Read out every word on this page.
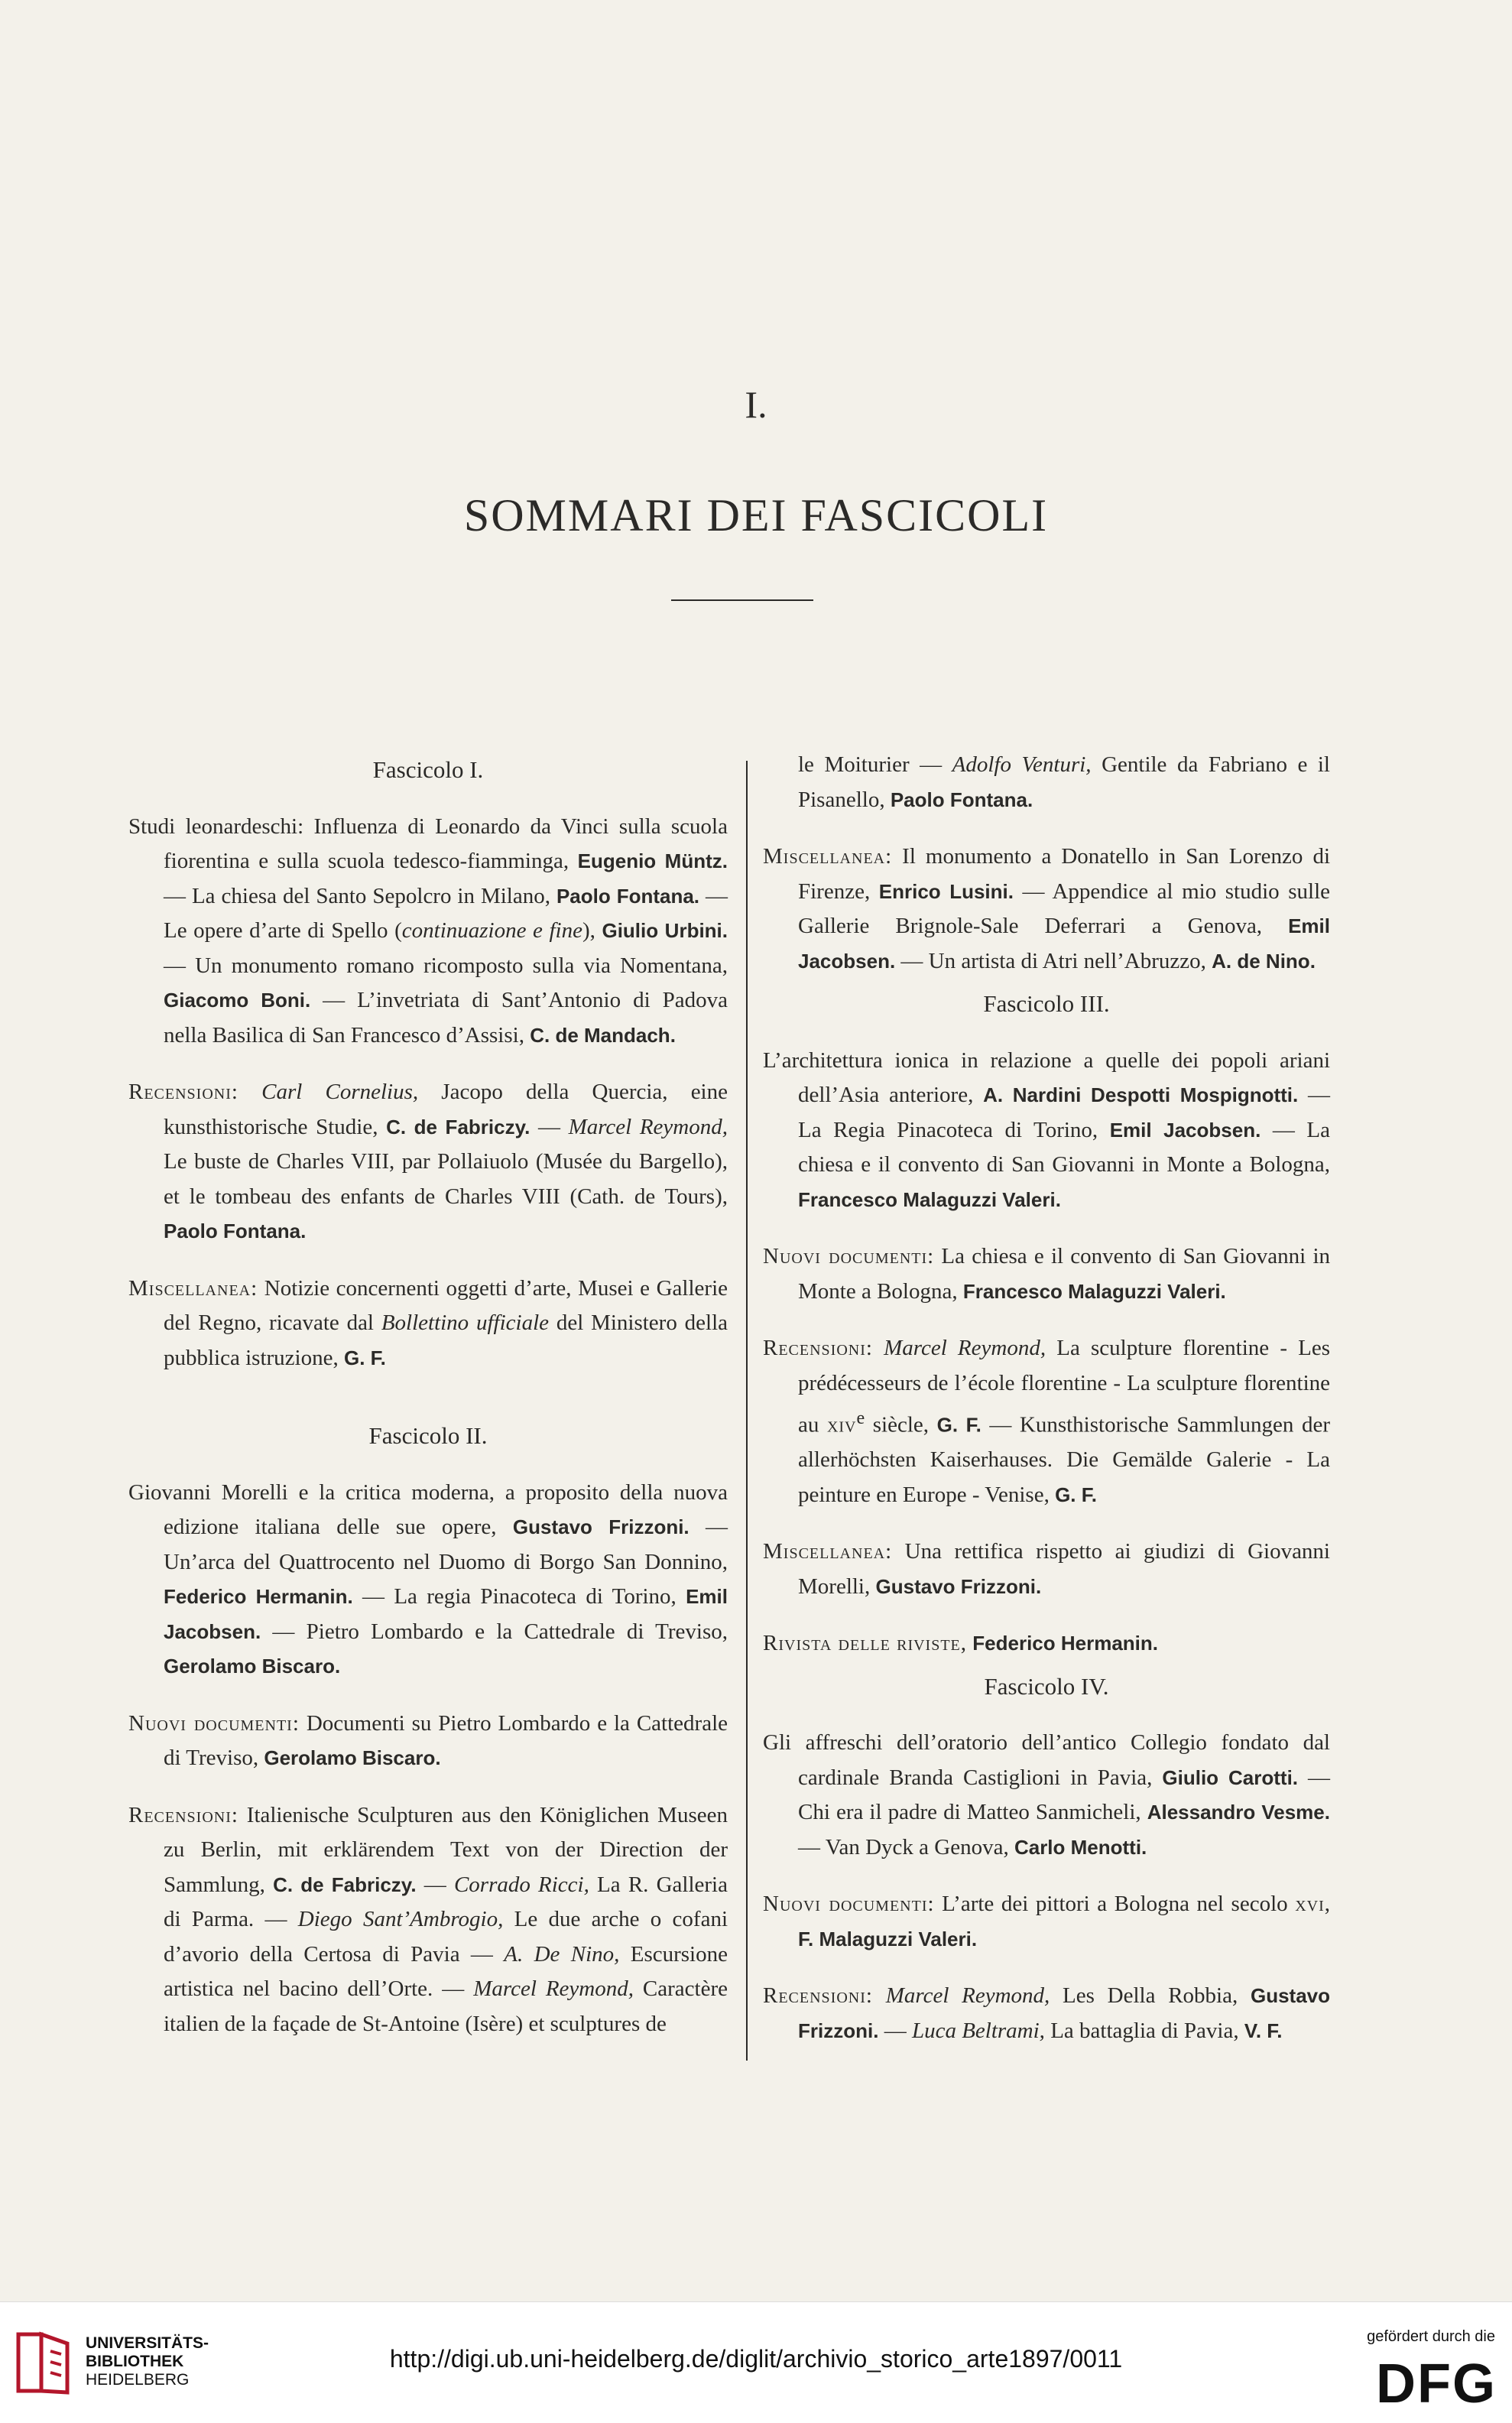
I.
SOMMARI DEI FASCICOLI
Fascicolo I.

Studi leonardeschi: Influenza di Leonardo da Vinci sulla scuola fiorentina e sulla scuola tedesco-fiamminga, Eugenio Müntz. — La chiesa del Santo Sepolcro in Milano, Paolo Fontana. — Le opere d’arte di Spello (continuazione e fine), Giulio Urbini. — Un monumento romano ricomposto sulla via Nomentana, Giacomo Boni. — L’invetriata di Sant’Antonio di Padova nella Basilica di San Francesco d’Assisi, C. de Mandach.

Recensioni: Carl Cornelius, Jacopo della Quercia, eine kunsthistorische Studie, C. de Fabriczy. — Marcel Reymond, Le buste de Charles VIII, par Pollaiuolo (Musée du Bargello), et le tombeau des enfants de Charles VIII (Cath. de Tours), Paolo Fontana.

Miscellanea: Notizie concernenti oggetti d’arte, Musei e Gallerie del Regno, ricavate dal Bollettino ufficiale del Ministero della pubblica istruzione, G. F.

Fascicolo II.

Giovanni Morelli e la critica moderna, a proposito della nuova edizione italiana delle sue opere, Gustavo Frizzoni. — Un’arca del Quattrocento nel Duomo di Borgo San Donnino, Federico Hermanin. — La regia Pinacoteca di Torino, Emil Jacobsen. — Pietro Lombardo e la Cattedrale di Treviso, Gerolamo Biscaro.

Nuovi documenti: Documenti su Pietro Lombardo e la Cattedrale di Treviso, Gerolamo Biscaro.

Recensioni: Italienische Sculpturen aus den Königlichen Museen zu Berlin, mit erklärendem Text von der Direction der Sammlung, C. de Fabriczy. — Corrado Ricci, La R. Galleria di Parma. — Diego Sant’Ambrogio, Le due arche o cofani d’avorio della Certosa di Pavia — A. De Nino, Escursione artistica nel bacino dell’Orte. — Marcel Reymond, Caractère italien de la façade de St-Antoine (Isère) et sculptures de

le Moiturier — Adolfo Venturi, Gentile da Fabriano e il Pisanello, Paolo Fontana.

Miscellanea: Il monumento a Donatello in San Lorenzo di Firenze, Enrico Lusini. — Appendice al mio studio sulle Gallerie Brignole-Sale Deferrari a Genova, Emil Jacobsen. — Un artista di Atri nell’Abruzzo, A. de Nino.

Fascicolo III.

L’architettura ionica in relazione a quelle dei popoli ariani dell’Asia anteriore, A. Nardini Despotti Mospignotti. — La Regia Pinacoteca di Torino, Emil Jacobsen. — La chiesa e il convento di San Giovanni in Monte a Bologna, Francesco Malaguzzi Valeri.

Nuovi documenti: La chiesa e il convento di San Giovanni in Monte a Bologna, Francesco Malaguzzi Valeri.

Recensioni: Marcel Reymond, La sculpture florentine - Les prédécesseurs de l’école florentine - La sculpture florentine au xiv$^e$ siècle, G. F. — Kunsthistorische Sammlungen der allerhöchsten Kaiserhauses. Die Gemälde Galerie - La peinture en Europe - Venise, G. F.

Miscellanea: Una rettifica rispetto ai giudizi di Giovanni Morelli, Gustavo Frizzoni.

Rivista delle riviste, Federico Hermanin.

Fascicolo IV.

Gli affreschi dell’oratorio dell’antico Collegio fondato dal cardinale Branda Castiglioni in Pavia, Giulio Carotti. — Chi era il padre di Matteo Sanmicheli, Alessandro Vesme. — Van Dyck a Genova, Carlo Menotti.

Nuovi documenti: L’arte dei pittori a Bologna nel secolo xvi, F. Malaguzzi Valeri.

Recensioni: Marcel Reymond, Les Della Robbia, Gustavo Frizzoni. — Luca Beltrami, La battaglia di Pavia, V. F.

UNIVERSITÄTS-
BIBLIOTHEK
HEIDELBERG
http://digi.ub.uni-heidelberg.de/diglit/archivio_storico_arte1897/0011
gefördert durch die
DFG
